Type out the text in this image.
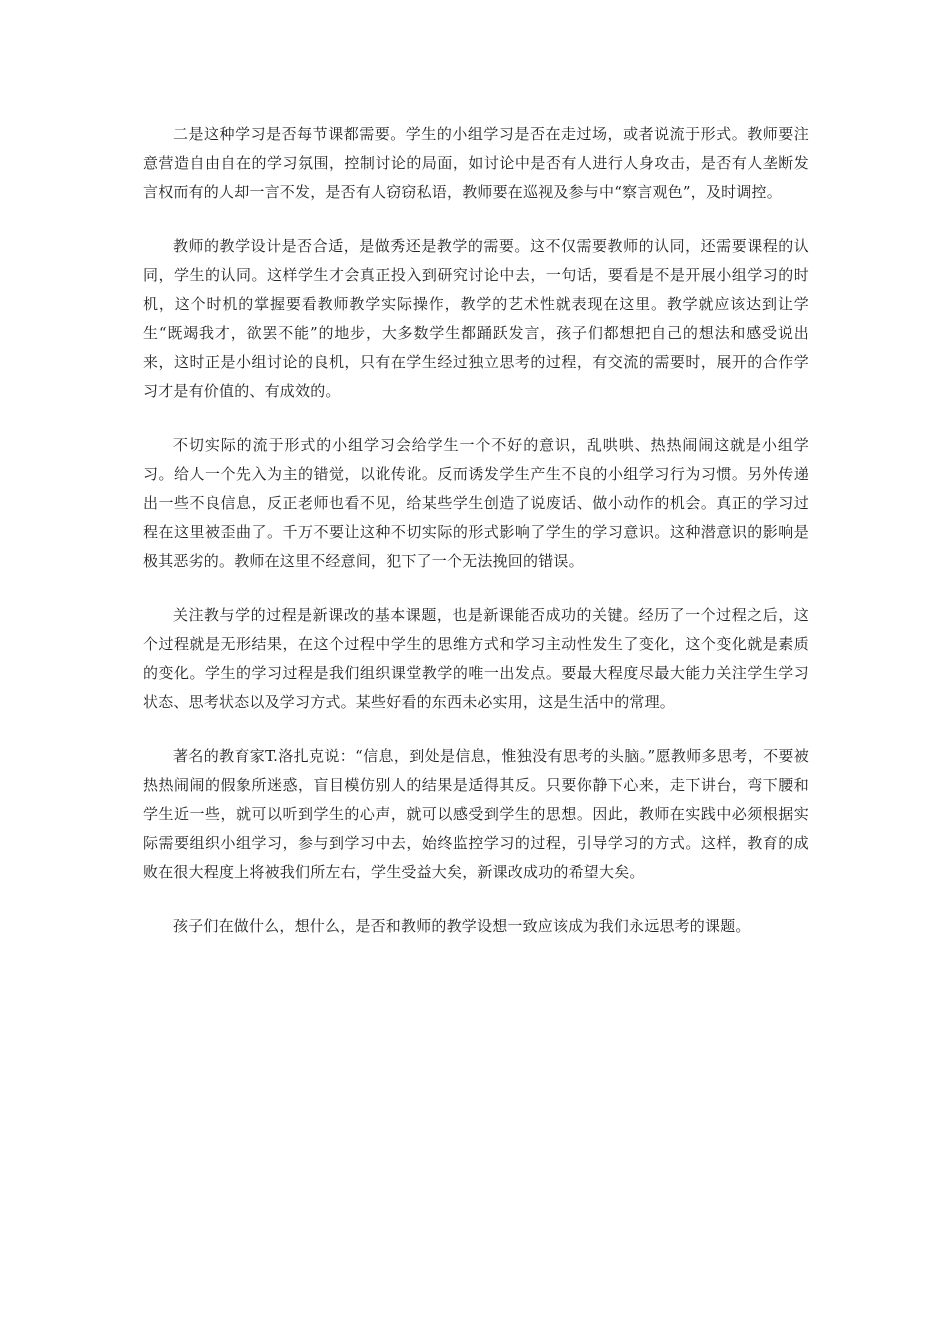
二是这种学习是否每节课都需要。学生的小组学习是否在走过场，或者说流于形式。教师要注意营造自由自在的学习氛围，控制讨论的局面，如讨论中是否有人进行人身攻击，是否有人垄断发言权而有的人却一言不发，是否有人窃窃私语，教师要在巡视及参与中“察言观色”，及时调控。

教师的教学设计是否合适，是做秀还是教学的需要。这不仅需要教师的认同，还需要课程的认同，学生的认同。这样学生才会真正投入到研究讨论中去，一句话，要看是不是开展小组学习的时机，这个时机的掌握要看教师教学实际操作，教学的艺术性就表现在这里。教学就应该达到让学生“既竭我才，欲罢不能”的地步，大多数学生都踊跃发言，孩子们都想把自己的想法和感受说出来，这时正是小组讨论的良机，只有在学生经过独立思考的过程，有交流的需要时，展开的合作学习才是有价值的、有成效的。

不切实际的流于形式的小组学习会给学生一个不好的意识，乱哄哄、热热闹闹这就是小组学习。给人一个先入为主的错觉，以讹传讹。反而诱发学生产生不良的小组学习行为习惯。另外传递出一些不良信息，反正老师也看不见，给某些学生创造了说废话、做小动作的机会。真正的学习过程在这里被歪曲了。千万不要让这种不切实际的形式影响了学生的学习意识。这种潜意识的影响是极其恶劣的。教师在这里不经意间，犯下了一个无法挽回的错误。

关注教与学的过程是新课改的基本课题，也是新课能否成功的关键。经历了一个过程之后，这个过程就是无形结果，在这个过程中学生的思维方式和学习主动性发生了变化，这个变化就是素质的变化。学生的学习过程是我们组织课堂教学的唯一出发点。要最大程度尽最大能力关注学生学习状态、思考状态以及学习方式。某些好看的东西未必实用，这是生活中的常理。

著名的教育家T.洛扎克说：“信息，到处是信息，惟独没有思考的头脑。”愿教师多思考，不要被热热闹闹的假象所迷惑，盲目模仿别人的结果是适得其反。只要你静下心来，走下讲台，弯下腰和学生近一些，就可以听到学生的心声，就可以感受到学生的思想。因此，教师在实践中必须根据实际需要组织小组学习，参与到学习中去，始终监控学习的过程，引导学习的方式。这样，教育的成败在很大程度上将被我们所左右，学生受益大矣，新课改成功的希望大矣。

孩子们在做什么，想什么，是否和教师的教学设想一致应该成为我们永远思考的课题。
